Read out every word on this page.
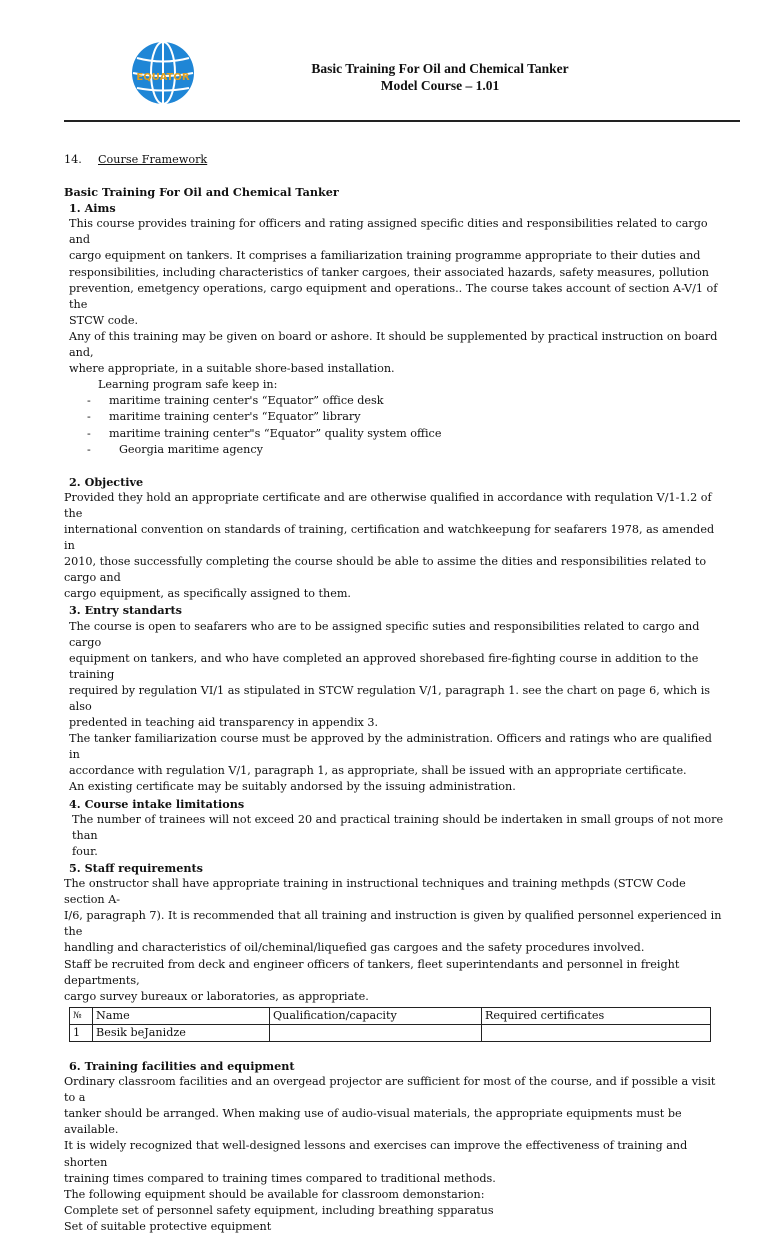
EQUATOR
Basic Training For Oil and Chemical Tanker
Model Course – 1.01
14. Course Framework
Basic Training For Oil and Chemical Tanker
1. Aims
This course provides training for officers and rating assigned specific dities and responsibilities related to cargo and
cargo equipment on tankers. It comprises a familiarization training programme appropriate to their duties and
responsibilities, including characteristics of tanker cargoes, their associated hazards, safety measures, pollution
prevention, emetgency operations, cargo equipment and operations.. The course takes account of section A-V/1 of the
STCW code.
Any of this training may be given on board or ashore. It should be supplemented by practical instruction on board and,
where appropriate, in a suitable shore-based installation.
Learning program safe keep in:
- maritime training center's “Equator” office desk
- maritime training center's “Equator” library
- maritime training center"s “Equator” quality system office
-	Georgia maritime agency
2. Objective
Provided they hold an appropriate certificate and are otherwise qualified in accordance with requlation V/1-1.2 of the
international convention on standards of training, certification and watchkeepung for seafarers 1978, as amended in
2010, those successfully completing the course should be able to assime the dities and responsibilities related to cargo and
cargo equipment, as specifically assigned to them.
3. Entry standarts
The course is open to seafarers who are to be assigned specific suties and responsibilities related to cargo and cargo
equipment on tankers, and who have completed an approved shorebased fire-fighting course in addition to the training
required by regulation VI/1 as stipulated in STCW regulation V/1, paragraph 1. see the chart on page 6, which is also
predented in teaching aid transparency in appendix 3.
The tanker familiarization course must be approved by the administration. Officers and ratings who are qualified in
accordance with regulation V/1, paragraph 1, as appropriate, shall be issued with an appropriate certificate.
An existing certificate may be suitably andorsed by the issuing administration.
4. Course intake limitations
The number of trainees will not exceed 20 and practical training should be indertaken in small groups of not more than
four.
5. Staff requirements
The onstructor shall have appropriate training in instructional techniques and training methpds (STCW Code section A-
I/6, paragraph 7). It is recommended that all training and instruction is given by qualified personnel experienced in the
handling and characteristics of oil/cheminal/liquefied gas cargoes and the safety procedures involved.
Staff be recruited from deck and engineer officers of tankers, fleet superintendants and personnel in freight departments,
cargo survey bureaux or laboratories, as appropriate.
№	Name	Qualification/capacity	Required certificates
1	Besik beJanidze		
6. Training facilities and equipment
Ordinary classroom facilities and an overgead projector are sufficient for most of the course, and if possible a visit to a
tanker should be arranged. When making use of audio-visual materials, the appropriate equipments must be available.
It is widely recognized that well-designed lessons and exercises can improve the effectiveness of training and shorten
training times compared to training times compared to traditional methods.
The following equipment should be available for classroom demonstarion:
Complete set of personnel safety equipment, including breathing spparatus
Set of suitable protective equipment
